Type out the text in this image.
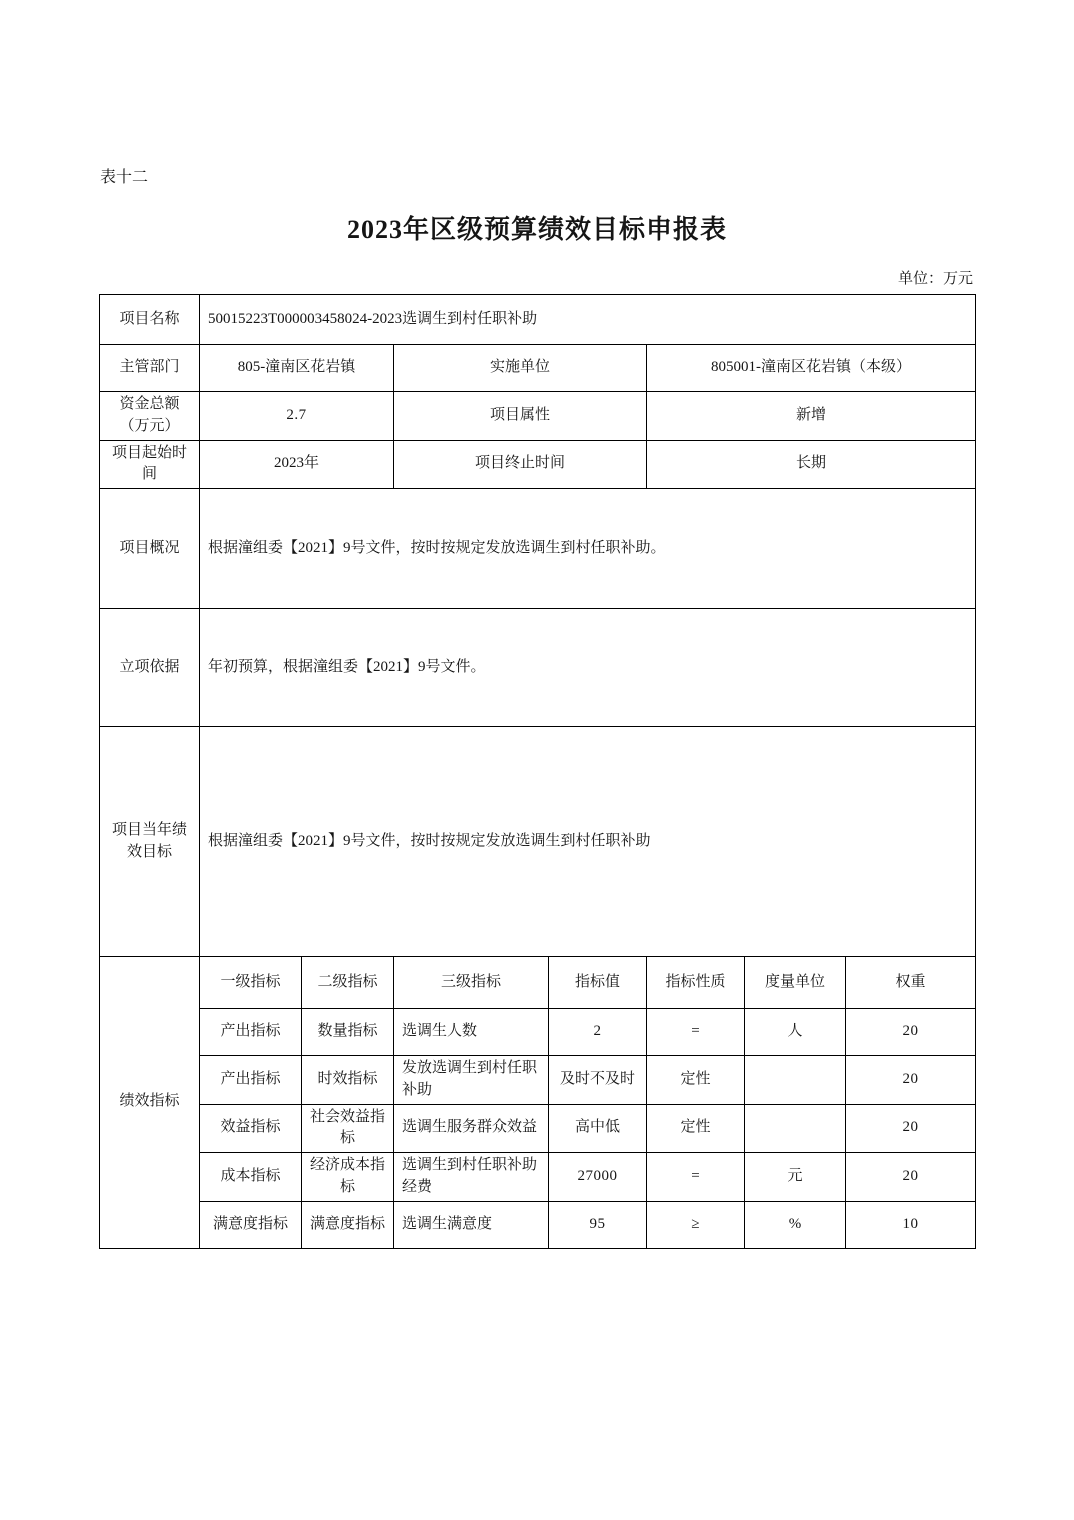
表十二
2023年区级预算绩效目标申报表
单位：万元
项目名称	50015223T000003458024-2023选调生到村任职补助						
主管部门	805-潼南区花岩镇		实施单位		805001-潼南区花岩镇（本级）		
资金总额（万元）	2.7		项目属性		新增		
项目起始时间	2023年		项目终止时间		长期		
项目概况	根据潼组委【2021】9号文件，按时按规定发放选调生到村任职补助。						
立项依据	年初预算，根据潼组委【2021】9号文件。						
项目当年绩效目标	根据潼组委【2021】9号文件，按时按规定发放选调生到村任职补助						
绩效指标	一级指标	二级指标	三级指标	指标值	指标性质	度量单位	权重
	产出指标	数量指标	选调生人数	2	=	人	20
	产出指标	时效指标	发放选调生到村任职补助	及时不及时	定性		20
	效益指标	社会效益指标	选调生服务群众效益	高中低	定性		20
	成本指标	经济成本指标	选调生到村任职补助经费	27000	=	元	20
	满意度指标	满意度指标	选调生满意度	95	≥	%	10
